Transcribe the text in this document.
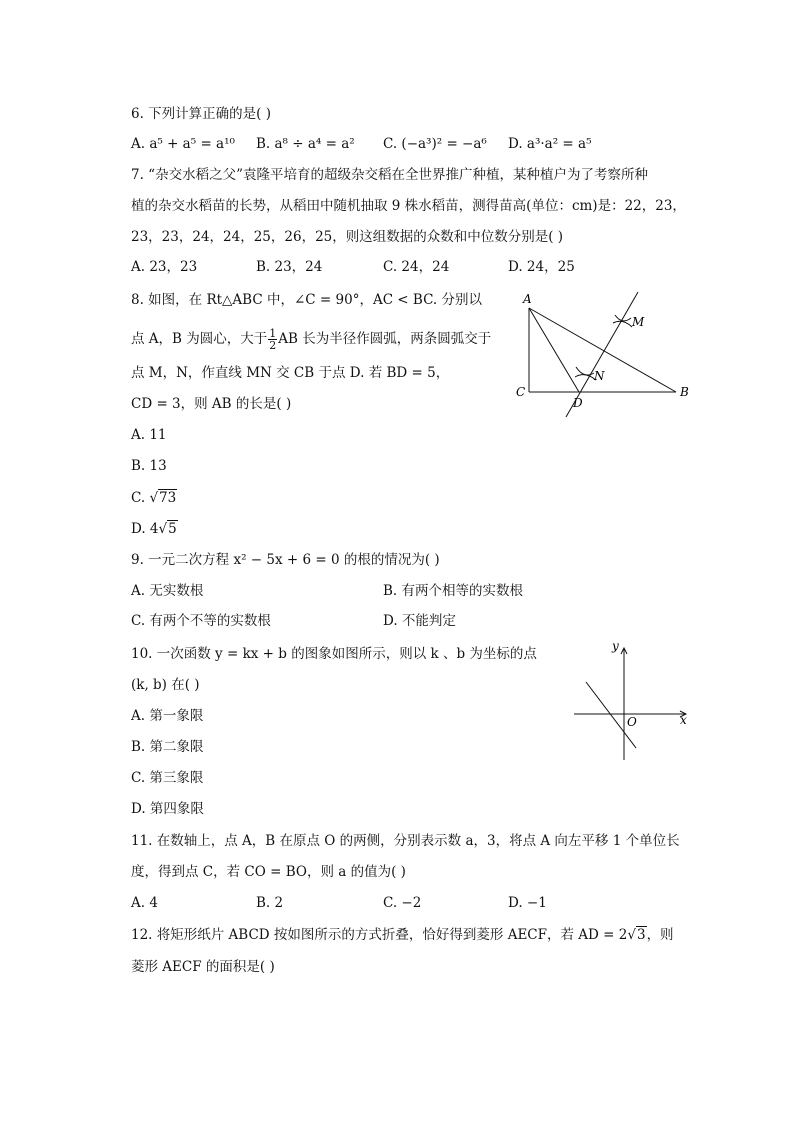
6. 下列计算正确的是( )
A. a⁵ + a⁵ = a¹⁰ B. a⁸ ÷ a⁴ = a² C. (−a³)² = −a⁶ D. a³·a² = a⁵
7. “杂交水稻之父”袁隆平培育的超级杂交稻在全世界推广种植，某种植户为了考察所种
植的杂交水稻苗的长势，从稻田中随机抽取 9 株水稻苗，测得苗高(单位：cm)是：22，23，
23，23，24，24，25，26，25，则这组数据的众数和中位数分别是( )
A. 23，23	B. 23，24	C. 24，24	D. 24，25
8. 如图，在 Rt△ABC 中，∠C = 90°，AC < BC. 分别以
点 A，B 为圆心，大于 $\frac{1}{2}$ AB 长为半径作圆弧，两条圆弧交于
点 M，N，作直线 MN 交 CB 于点 D. 若 BD = 5，
CD = 3，则 AB 的长是( )
A. 11
B. 13
C. √73
D. 4√5
A
C
D
B
M
N
9. 一元二次方程 x² − 5x + 6 = 0 的根的情况为( )
A. 无实数根	B. 有两个相等的实数根
C. 有两个不等的实数根	D. 不能判定
10. 一次函数 y = kx + b 的图象如图所示，则以 k 、b 为坐标的点
(k, b) 在( )
A. 第一象限
B. 第二象限
C. 第三象限
D. 第四象限
y
x
O
11. 在数轴上，点 A，B 在原点 O 的两侧，分别表示数 a，3，将点 A 向左平移 1 个单位长
度，得到点 C，若 CO = BO，则 a 的值为( )
A. 4	B. 2	C. −2	D. −1
12. 将矩形纸片 ABCD 按如图所示的方式折叠，恰好得到菱形 AECF，若 AD = 2√3，则
菱形 AECF 的面积是( )
